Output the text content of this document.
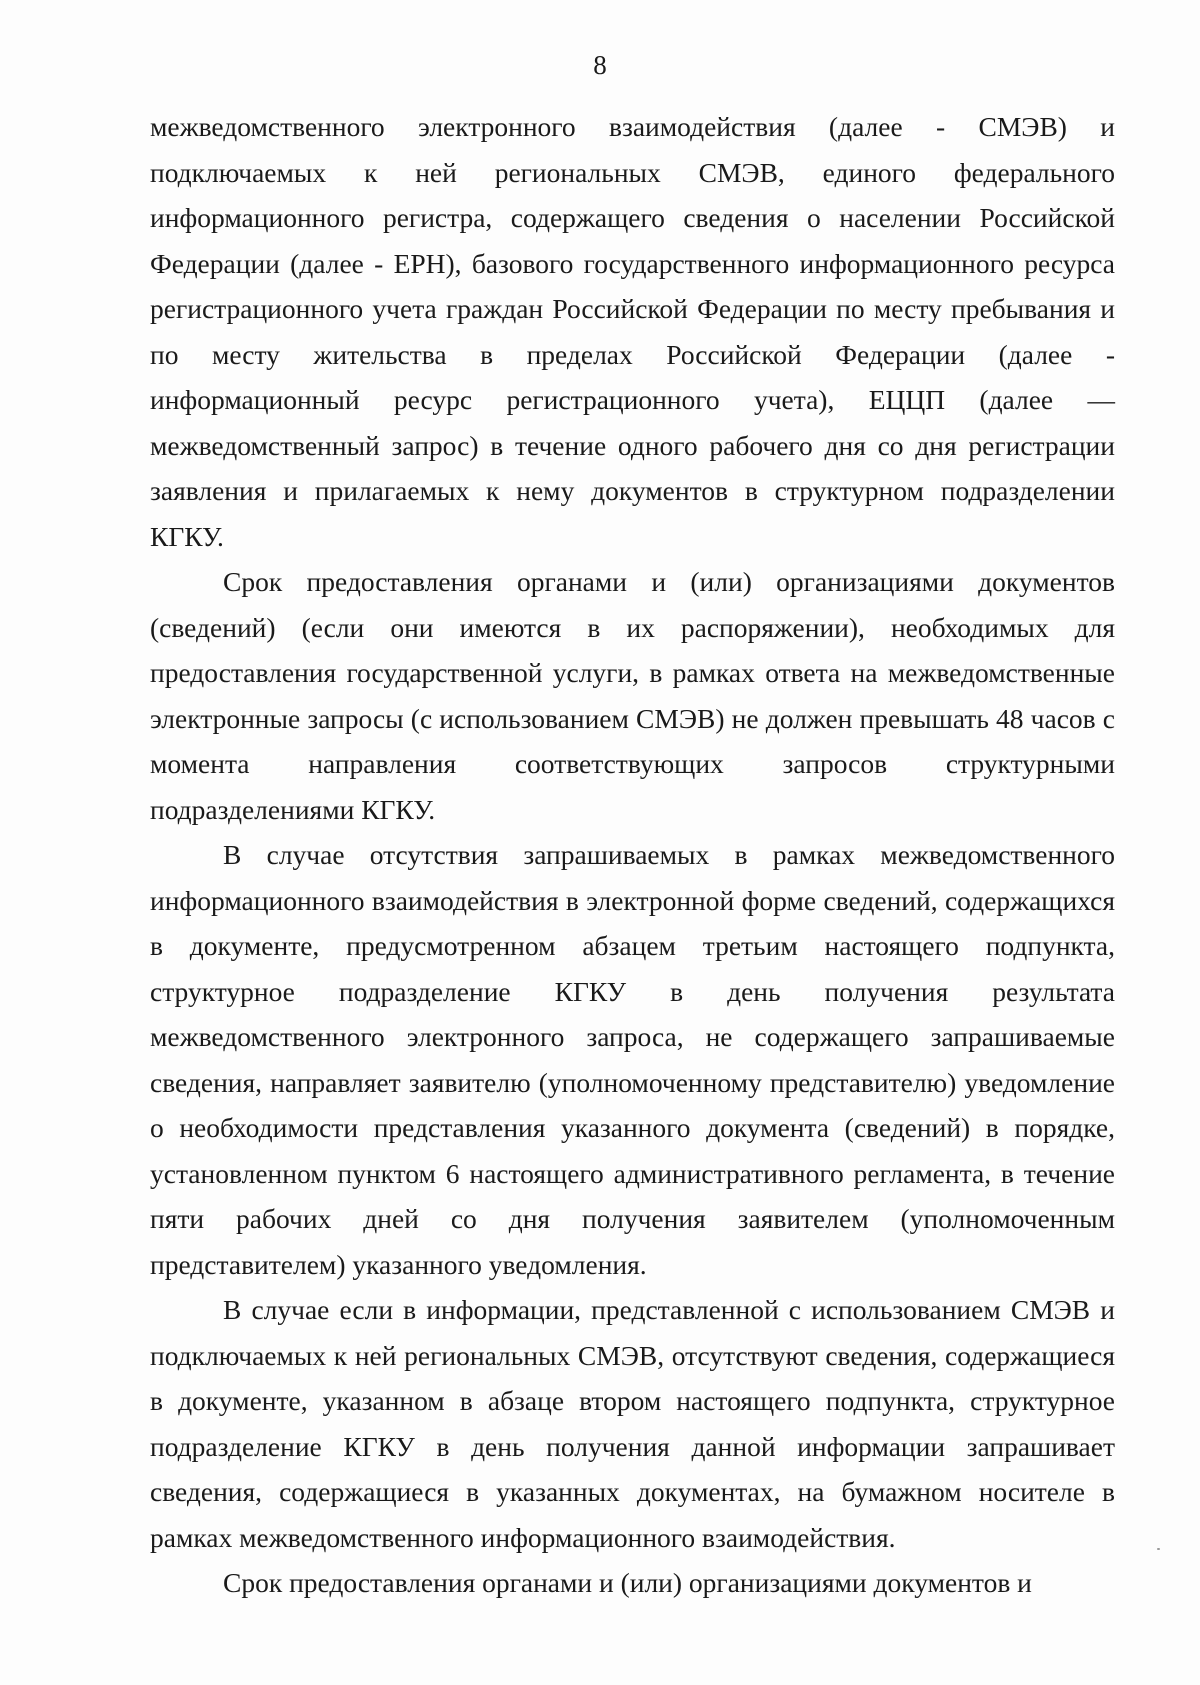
8

межведомственного электронного взаимодействия (далее - СМЭВ) и подключаемых к ней региональных СМЭВ, единого федерального информационного регистра, содержащего сведения о населении Российской Федерации (далее - ЕРН), базового государственного информационного ресурса регистрационного учета граждан Российской Федерации по месту пребывания и по месту жительства в пределах Российской Федерации (далее - информационный ресурс регистрационного учета), ЕЦЦП (далее — межведомственный запрос) в течение одного рабочего дня со дня регистрации заявления и прилагаемых к нему документов в структурном подразделении КГКУ.

Срок предоставления органами и (или) организациями документов (сведений) (если они имеются в их распоряжении), необходимых для предоставления государственной услуги, в рамках ответа на межведомственные электронные запросы (с использованием СМЭВ) не должен превышать 48 часов с момента направления соответствующих запросов структурными подразделениями КГКУ.

В случае отсутствия запрашиваемых в рамках межведомственного информационного взаимодействия в электронной форме сведений, содержащихся в документе, предусмотренном абзацем третьим настоящего подпункта, структурное подразделение КГКУ в день получения результата межведомственного электронного запроса, не содержащего запрашиваемые сведения, направляет заявителю (уполномоченному представителю) уведомление о необходимости представления указанного документа (сведений) в порядке, установленном пунктом 6 настоящего административного регламента, в течение пяти рабочих дней со дня получения заявителем (уполномоченным представителем) указанного уведомления.

В случае если в информации, представленной с использованием СМЭВ и подключаемых к ней региональных СМЭВ, отсутствуют сведения, содержащиеся в документе, указанном в абзаце втором настоящего подпункта, структурное подразделение КГКУ в день получения данной информации запрашивает сведения, содержащиеся в указанных документах, на бумажном носителе в рамках межведомственного информационного взаимодействия.

Срок предоставления органами и (или) организациями документов и
